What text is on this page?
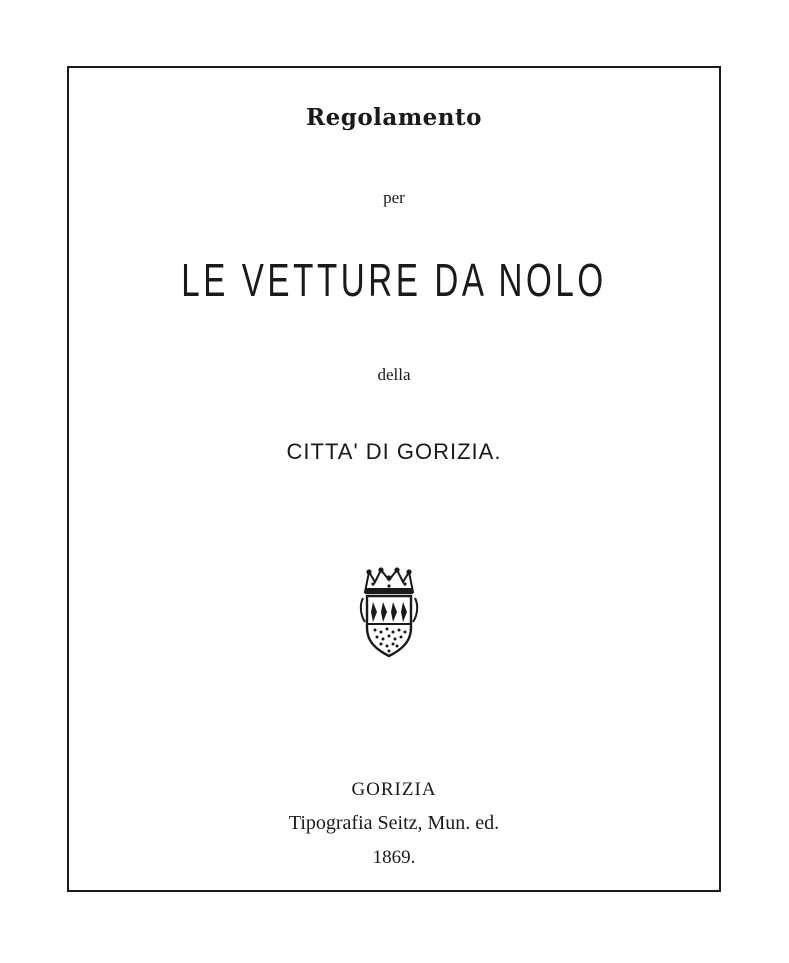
Regolamento
per
LE VETTURE DA NOLO
della
CITTA' DI GORIZIA.
GORIZIA
Tipografia Seitz, Mun. ed.
1869.
